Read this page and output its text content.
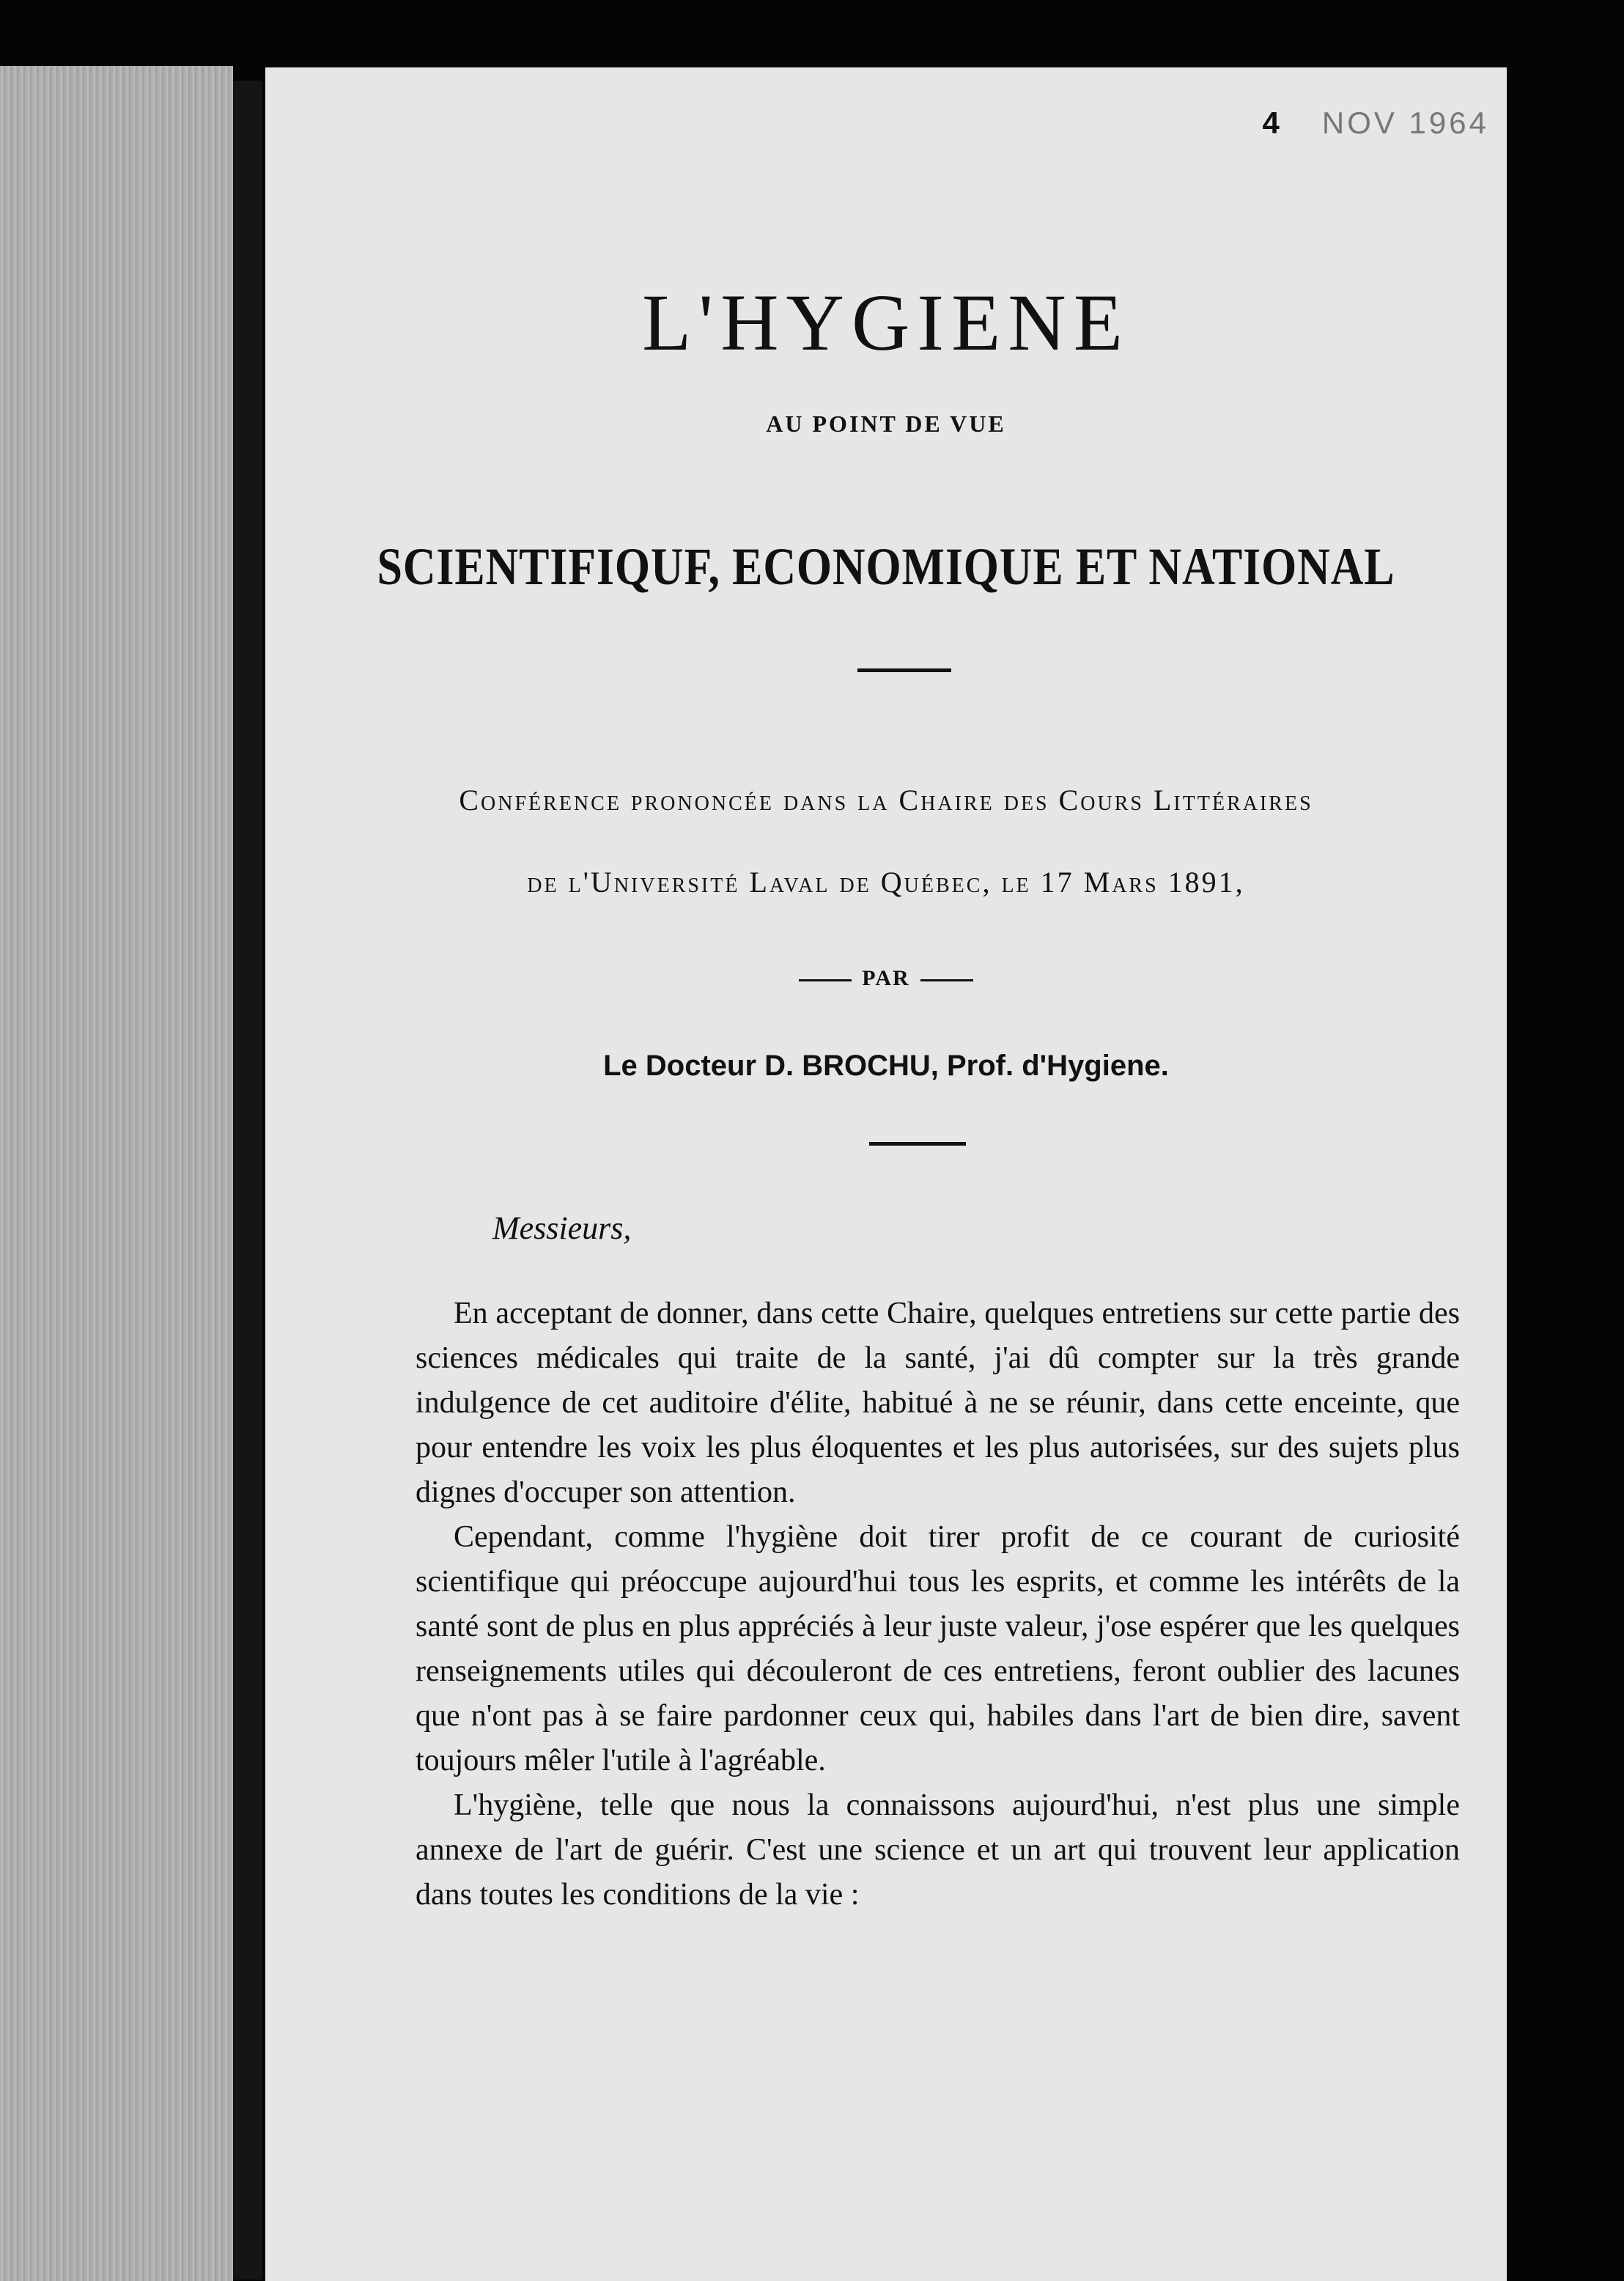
4 NOV 1964
L'HYGIENE
AU POINT DE VUE
SCIENTIFIQUF, ECONOMIQUE ET NATIONAL
Conférence prononcée dans la Chaire des Cours Littéraires
de l'Université Laval de Québec, le 17 Mars 1891,
PAR
Le Docteur D. BROCHU, Prof. d'Hygiene.
Messieurs,

En acceptant de donner, dans cette Chaire, quelques entretiens sur cette partie des sciences médicales qui traite de la santé, j'ai dû compter sur la très grande indulgence de cet auditoire d'élite, habitué à ne se réunir, dans cette enceinte, que pour entendre les voix les plus éloquentes et les plus autorisées, sur des sujets plus dignes d'occuper son attention.

Cependant, comme l'hygiène doit tirer profit de ce courant de curiosité scientifique qui préoccupe aujourd'hui tous les esprits, et comme les intérêts de la santé sont de plus en plus appréciés à leur juste valeur, j'ose espérer que les quelques renseignements utiles qui découleront de ces entretiens, feront oublier des lacunes que n'ont pas à se faire pardonner ceux qui, habiles dans l'art de bien dire, savent toujours mêler l'utile à l'agréable.

L'hygiène, telle que nous la connaissons aujourd'hui, n'est plus une simple annexe de l'art de guérir. C'est une science et un art qui trouvent leur application dans toutes les conditions de la vie :
